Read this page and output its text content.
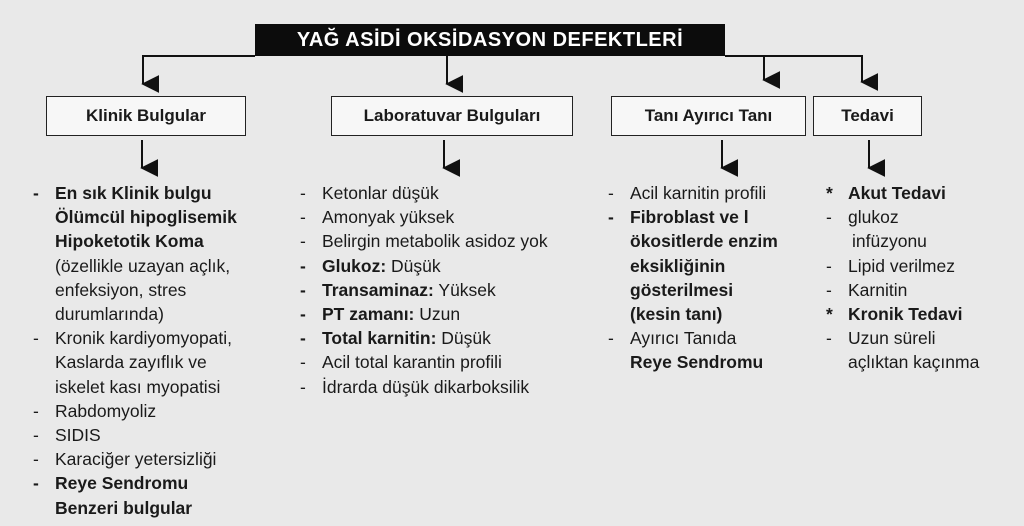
YAĞ ASİDİ OKSİDASYON DEFEKTLERİ
Klinik Bulgular	Laboratuvar Bulguları	Tanı Ayırıcı Tanı	Tedavi
- En sık Klinik bulgu
Ölümcül hipoglisemik
Hipoketotik Koma
(özellikle uzayan açlık,
enfeksiyon, stres
durumlarında)
- Kronik kardiyomyopati,
Kaslarda zayıflık ve
iskelet kası myopatisi
- Rabdomyoliz
- SIDIS
- Karaciğer yetersizliği
- Reye Sendromu
Benzeri bulgular
- Ketonlar düşük
- Amonyak yüksek
- Belirgin metabolik asidoz yok
- Glukoz: Düşük
- Transaminaz: Yüksek
- PT zamanı: Uzun
- Total karnitin: Düşük
- Acil total karantin profili
- İdrarda düşük dikarboksilik
- Acil karnitin profili
- Fibroblast ve l
ökositlerde enzim
eksikliğinin
gösterilmesi
(kesin tanı)
- Ayırıcı Tanıda
Reye Sendromu
* Akut Tedavi
- glukoz
infüzyonu
- Lipid verilmez
- Karnitin
* Kronik Tedavi
- Uzun süreli
açlıktan kaçınma
